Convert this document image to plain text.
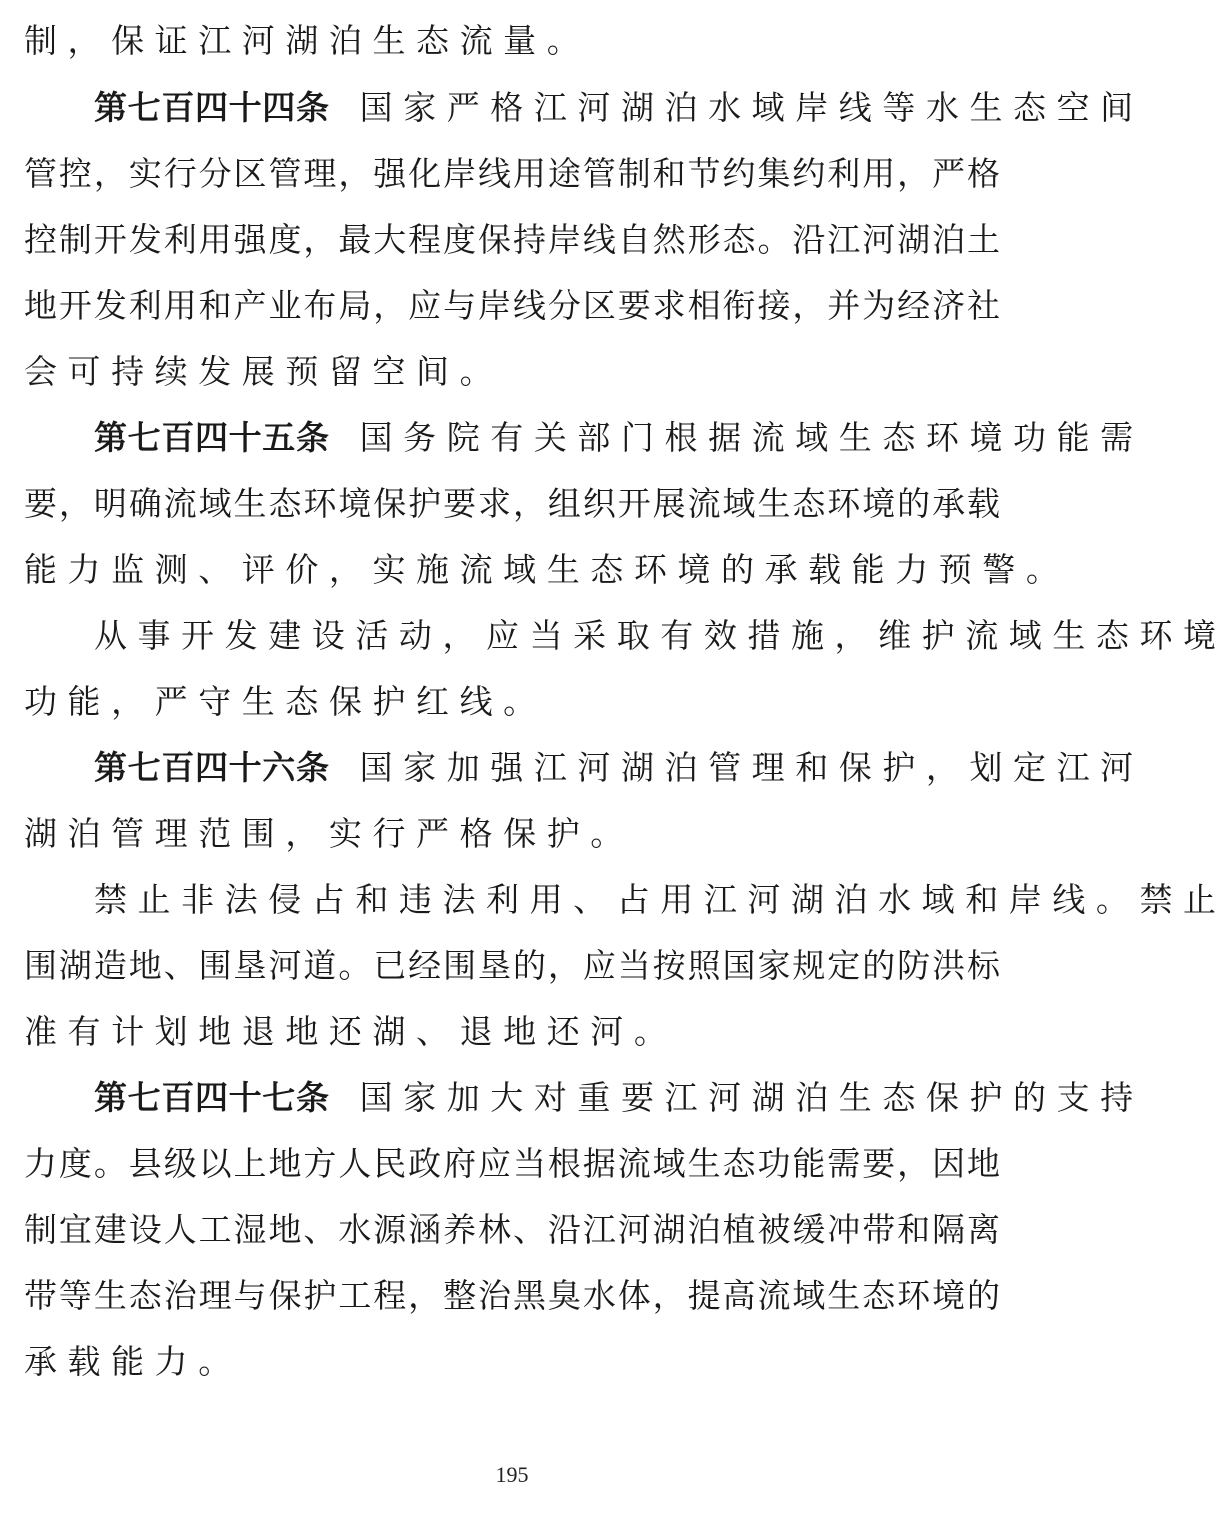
制，保证江河湖泊生态流量。
第七百四十四条 国家严格江河湖泊水域岸线等水生态空间
管控，实行分区管理，强化岸线用途管制和节约集约利用，严格
控制开发利用强度，最大程度保持岸线自然形态。沿江河湖泊土
地开发利用和产业布局，应与岸线分区要求相衔接，并为经济社
会可持续发展预留空间。
第七百四十五条 国务院有关部门根据流域生态环境功能需
要，明确流域生态环境保护要求，组织开展流域生态环境的承载
能力监测、评价，实施流域生态环境的承载能力预警。
从事开发建设活动，应当采取有效措施，维护流域生态环境
功能，严守生态保护红线。
第七百四十六条 国家加强江河湖泊管理和保护，划定江河
湖泊管理范围，实行严格保护。
禁止非法侵占和违法利用、占用江河湖泊水域和岸线。禁止
围湖造地、围垦河道。已经围垦的，应当按照国家规定的防洪标
准有计划地退地还湖、退地还河。
第七百四十七条 国家加大对重要江河湖泊生态保护的支持
力度。县级以上地方人民政府应当根据流域生态功能需要，因地
制宜建设人工湿地、水源涵养林、沿江河湖泊植被缓冲带和隔离
带等生态治理与保护工程，整治黑臭水体，提高流域生态环境的
承载能力。
195
